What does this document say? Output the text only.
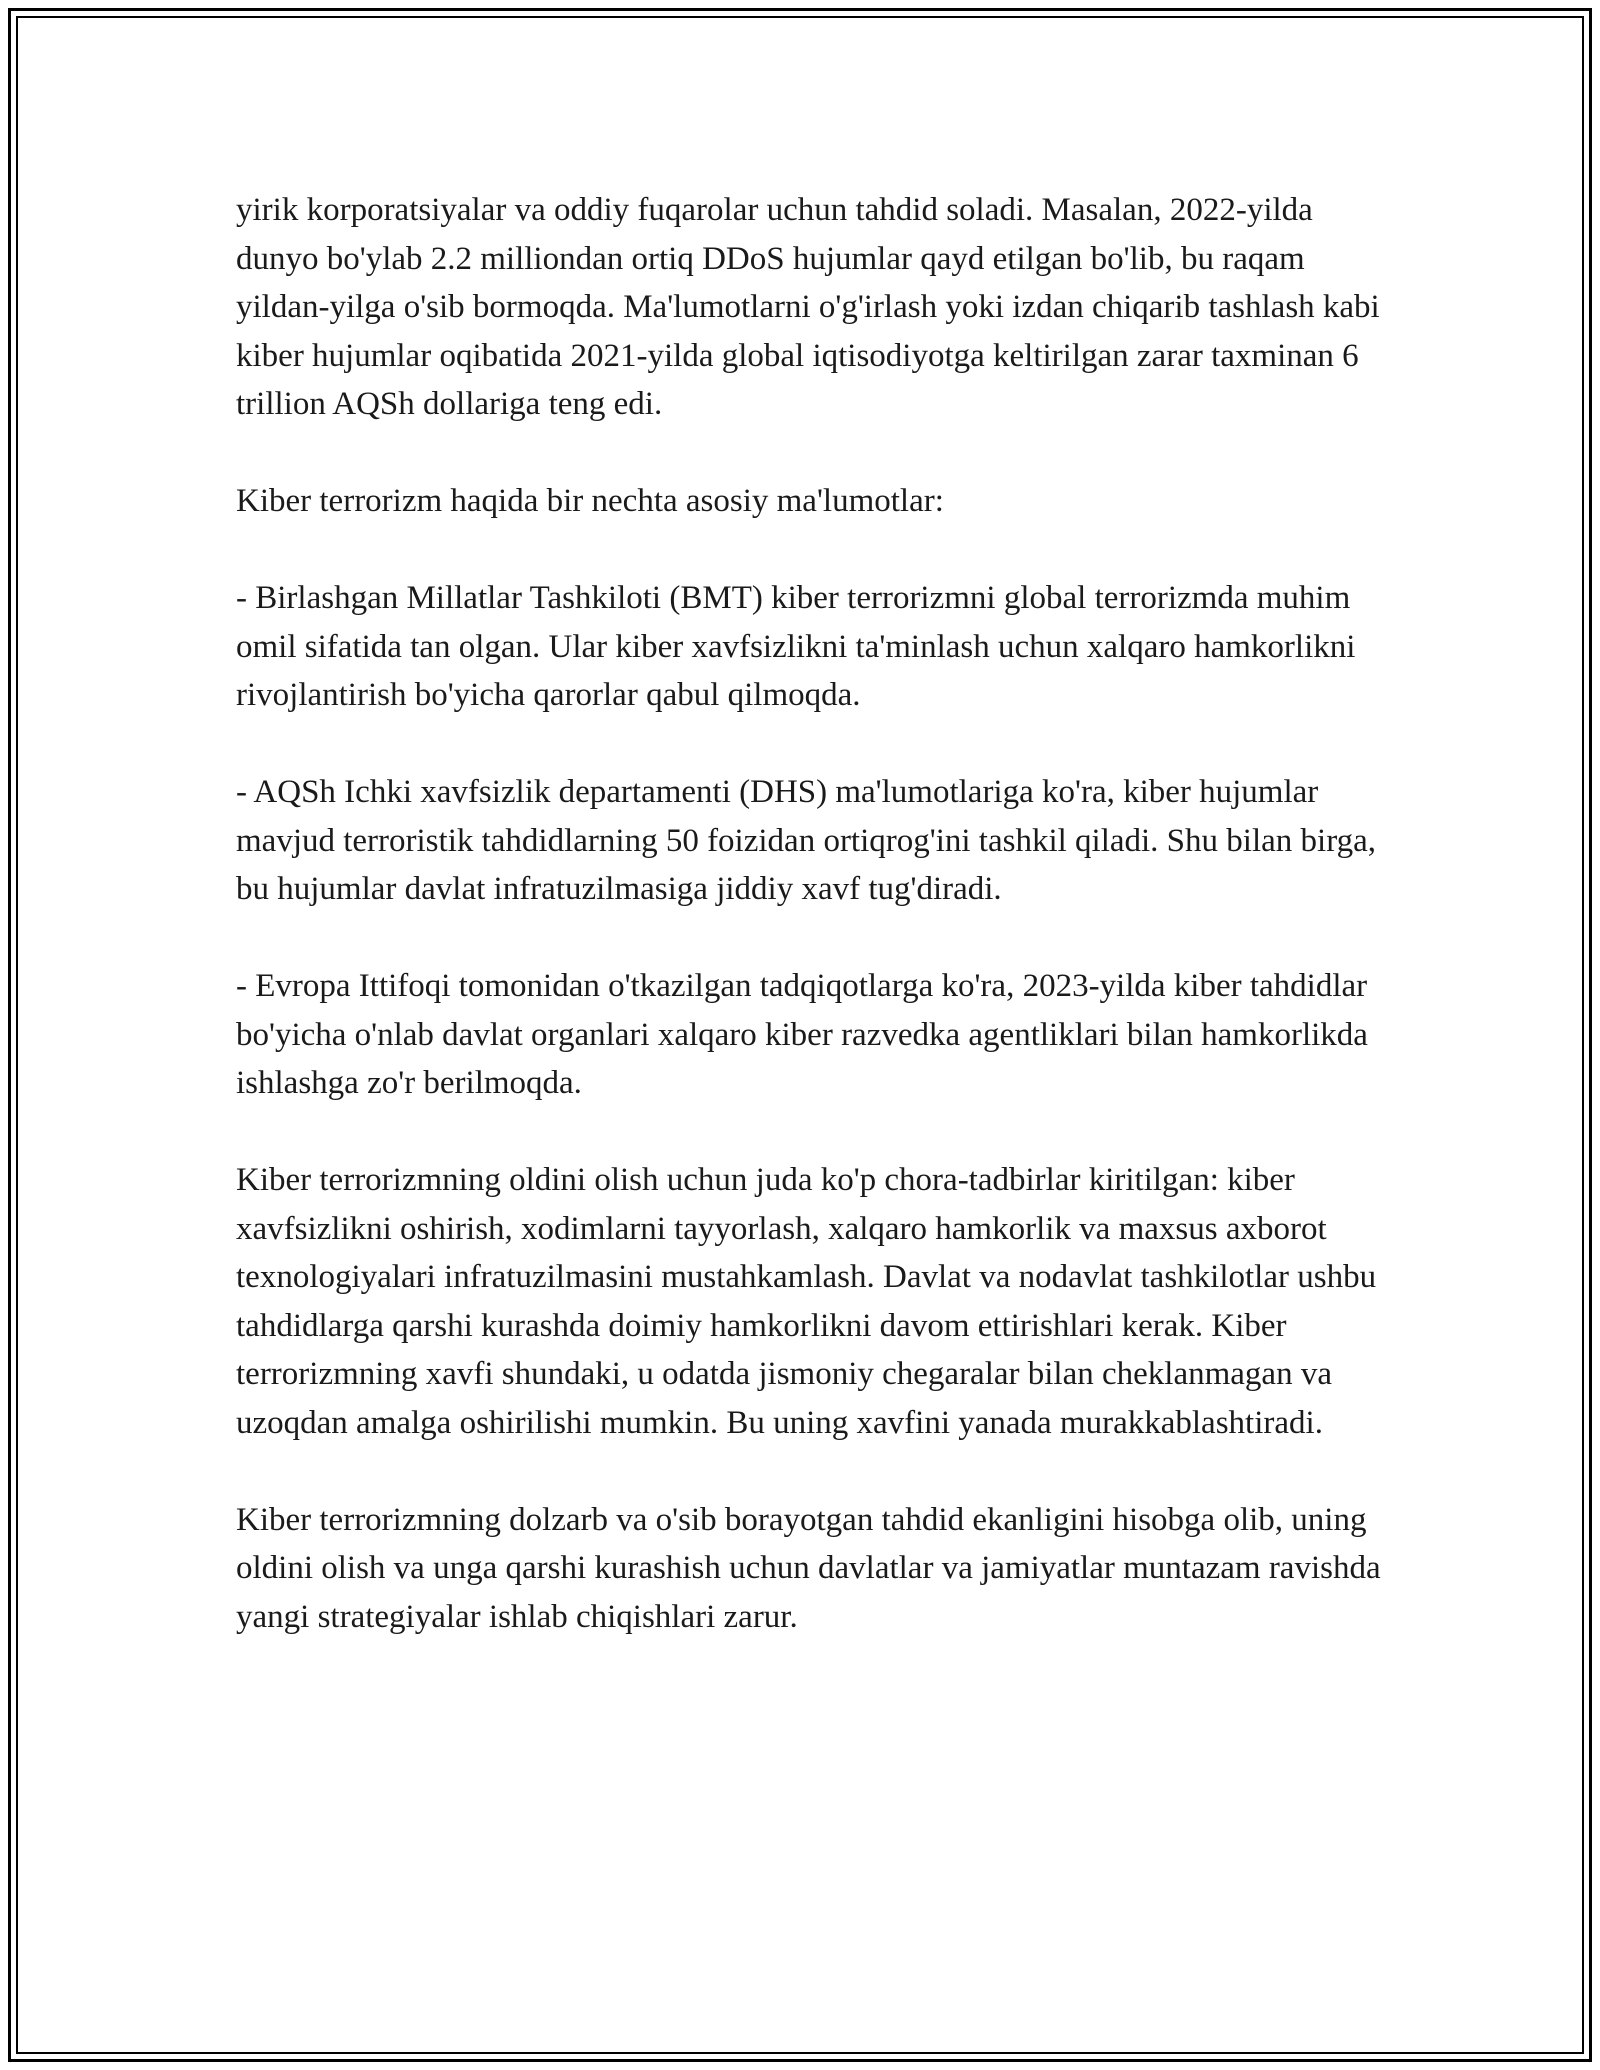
yirik korporatsiyalar va oddiy fuqarolar uchun tahdid soladi. Masalan, 2022-yilda dunyo bo'ylab 2.2 milliondan ortiq DDoS hujumlar qayd etilgan bo'lib, bu raqam yildan-yilga o'sib bormoqda. Ma'lumotlarni o'g'irlash yoki izdan chiqarib tashlash kabi kiber hujumlar oqibatida 2021-yilda global iqtisodiyotga keltirilgan zarar taxminan 6 trillion AQSh dollariga teng edi.

Kiber terrorizm haqida bir nechta asosiy ma'lumotlar:

- Birlashgan Millatlar Tashkiloti (BMT) kiber terrorizmni global terrorizmda muhim omil sifatida tan olgan. Ular kiber xavfsizlikni ta'minlash uchun xalqaro hamkorlikni rivojlantirish bo'yicha qarorlar qabul qilmoqda.

- AQSh Ichki xavfsizlik departamenti (DHS) ma'lumotlariga ko'ra, kiber hujumlar mavjud terroristik tahdidlarning 50 foizidan ortiqrog'ini tashkil qiladi. Shu bilan birga, bu hujumlar davlat infratuzilmasiga jiddiy xavf tug'diradi.

- Evropa Ittifoqi tomonidan o'tkazilgan tadqiqotlarga ko'ra, 2023-yilda kiber tahdidlar bo'yicha o'nlab davlat organlari xalqaro kiber razvedka agentliklari bilan hamkorlikda ishlashga zo'r berilmoqda.

Kiber terrorizmning oldini olish uchun juda ko'p chora-tadbirlar kiritilgan: kiber xavfsizlikni oshirish, xodimlarni tayyorlash, xalqaro hamkorlik va maxsus axborot texnologiyalari infratuzilmasini mustahkamlash. Davlat va nodavlat tashkilotlar ushbu tahdidlarga qarshi kurashda doimiy hamkorlikni davom ettirishlari kerak. Kiber terrorizmning xavfi shundaki, u odatda jismoniy chegaralar bilan cheklanmagan va uzoqdan amalga oshirilishi mumkin. Bu uning xavfini yanada murakkablashtiradi.

Kiber terrorizmning dolzarb va o'sib borayotgan tahdid ekanligini hisobga olib, uning oldini olish va unga qarshi kurashish uchun davlatlar va jamiyatlar muntazam ravishda yangi strategiyalar ishlab chiqishlari zarur.
